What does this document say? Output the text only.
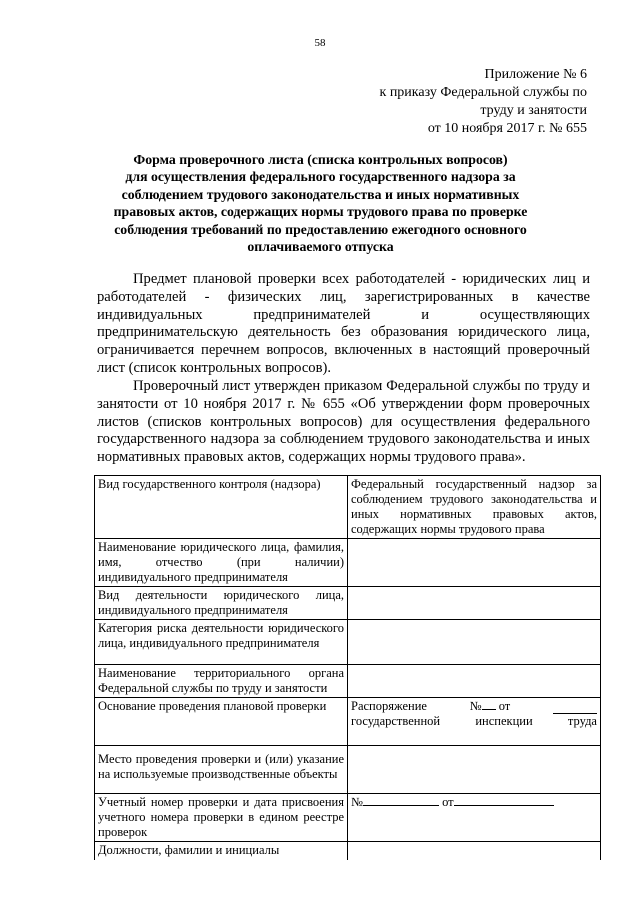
58
Приложение № 6
к приказу Федеральной службы по
труду и занятости
от 10 ноября 2017 г. № 655
Форма проверочного листа (списка контрольных вопросов)
для осуществления федерального государственного надзора за
соблюдением трудового законодательства и иных нормативных
правовых актов, содержащих нормы трудового права по проверке
соблюдения требований по предоставлению ежегодного основного
оплачиваемого отпуска
Предмет плановой проверки всех работодателей - юридических лиц и работодателей - физических лиц, зарегистрированных в качестве индивидуальных предпринимателей и осуществляющих предпринимательскую деятельность без образования юридического лица, ограничивается перечнем вопросов, включенных в настоящий проверочный лист (список контрольных вопросов).
Проверочный лист утвержден приказом Федеральной службы по труду и занятости от 10 ноября 2017 г. № 655 «Об утверждении форм проверочных листов (списков контрольных вопросов) для осуществления федерального государственного надзора за соблюдением трудового законодательства и иных нормативных правовых актов, содержащих нормы трудового права».
Вид государственного контроля (надзора)	Федеральный государственный надзор за соблюдением трудового законодательства и иных нормативных правовых актов, содержащих нормы трудового права
Наименование юридического лица, фамилия, имя, отчество (при наличии) индивидуального предпринимателя	
Вид деятельности юридического лица, индивидуального предпринимателя	
Категория риска деятельности юридического лица, индивидуального предпринимателя	
Наименование территориального органа Федеральной службы по труду и занятости	
Основание проведения плановой проверки	Распоряжение № от
государственной инспекции труда

Место проведения проверки и (или) указание на используемые производственные объекты	
Учетный номер проверки и дата присвоения учетного номера проверки в едином реестре проверок	№ от
Должности, фамилии и инициалы	
